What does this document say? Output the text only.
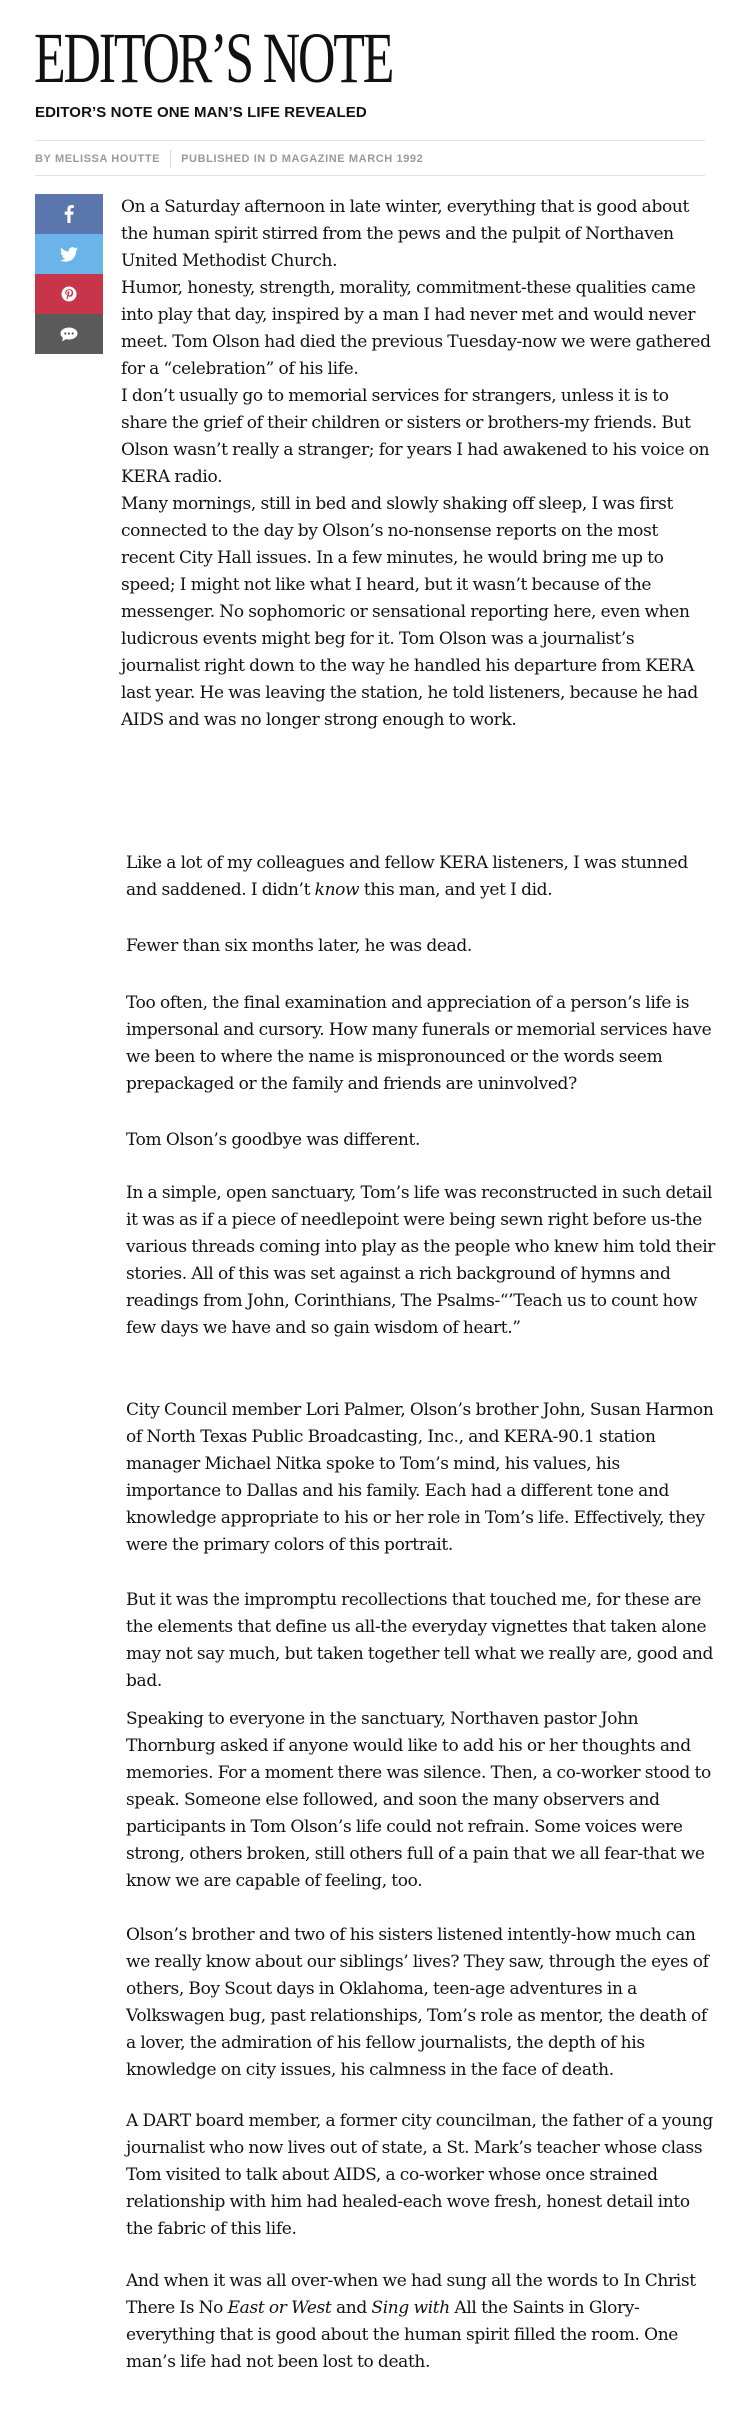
EDITOR’S NOTE
EDITOR’S NOTE ONE MAN’S LIFE REVEALED
BY MELISSA HOUTTE PUBLISHED IN D MAGAZINE MARCH 1992

On a Saturday afternoon in late winter, everything that is good about the human spirit stirred from the pews and the pulpit of Northaven United Methodist Church.

Humor, honesty, strength, morality, commitment-these qualities came into play that day, inspired by a man I had never met and would never meet. Tom Olson had died the previous Tuesday-now we were gathered for a “celebration” of his life.

I don’t usually go to memorial services for strangers, unless it is to share the grief of their children or sisters or brothers-my friends. But Olson wasn’t really a stranger; for years I had awakened to his voice on KERA radio.

Many mornings, still in bed and slowly shaking off sleep, I was first connected to the day by Olson’s no-nonsense reports on the most recent City Hall issues. In a few minutes, he would bring me up to speed; I might not like what I heard, but it wasn’t because of the messenger. No sophomoric or sensational reporting here, even when ludicrous events might beg for it. Tom Olson was a journalist’s journalist right down to the way he handled his departure from KERA last year. He was leaving the station, he told listeners, because he had AIDS and was no longer strong enough to work.

Like a lot of my colleagues and fellow KERA listeners, I was stunned and saddened. I didn’t know this man, and yet I did.

Fewer than six months later, he was dead.

Too often, the final examination and appreciation of a person’s life is impersonal and cursory. How many funerals or memorial services have we been to where the name is mispronounced or the words seem prepackaged or the family and friends are uninvolved?

Tom Olson’s goodbye was different.

In a simple, open sanctuary, Tom’s life was reconstructed in such detail it was as if a piece of needlepoint were being sewn right before us-the various threads coming into play as the people who knew him told their stories. All of this was set against a rich background of hymns and readings from John, Corinthians, The Psalms-“’Teach us to count how few days we have and so gain wisdom of heart.”

City Council member Lori Palmer, Olson’s brother John, Susan Harmon of North Texas Public Broadcasting, Inc., and KERA-90.1 station manager Michael Nitka spoke to Tom’s mind, his values, his importance to Dallas and his family. Each had a different tone and knowledge appropriate to his or her role in Tom’s life. Effectively, they were the primary colors of this portrait.

But it was the impromptu recollections that touched me, for these are the elements that define us all-the everyday vignettes that taken alone may not say much, but taken together tell what we really are, good and bad.

Speaking to everyone in the sanctuary, Northaven pastor John Thornburg asked if anyone would like to add his or her thoughts and memories. For a moment there was silence. Then, a co-worker stood to speak. Someone else followed, and soon the many observers and participants in Tom Olson’s life could not refrain. Some voices were strong, others broken, still others full of a pain that we all fear-that we know we are capable of feeling, too.

Olson’s brother and two of his sisters listened intently-how much can we really know about our siblings’ lives? They saw, through the eyes of others, Boy Scout days in Oklahoma, teen-age adventures in a Volkswagen bug, past relationships, Tom’s role as mentor, the death of a lover, the admiration of his fellow journalists, the depth of his knowledge on city issues, his calmness in the face of death.

A DART board member, a former city councilman, the father of a young journalist who now lives out of state, a St. Mark’s teacher whose class Tom visited to talk about AIDS, a co-worker whose once strained relationship with him had healed-each wove fresh, honest detail into the fabric of this life.

And when it was all over-when we had sung all the words to In Christ There Is No East or West and Sing with All the Saints in Glory-everything that is good about the human spirit filled the room. One man’s life had not been lost to death.
